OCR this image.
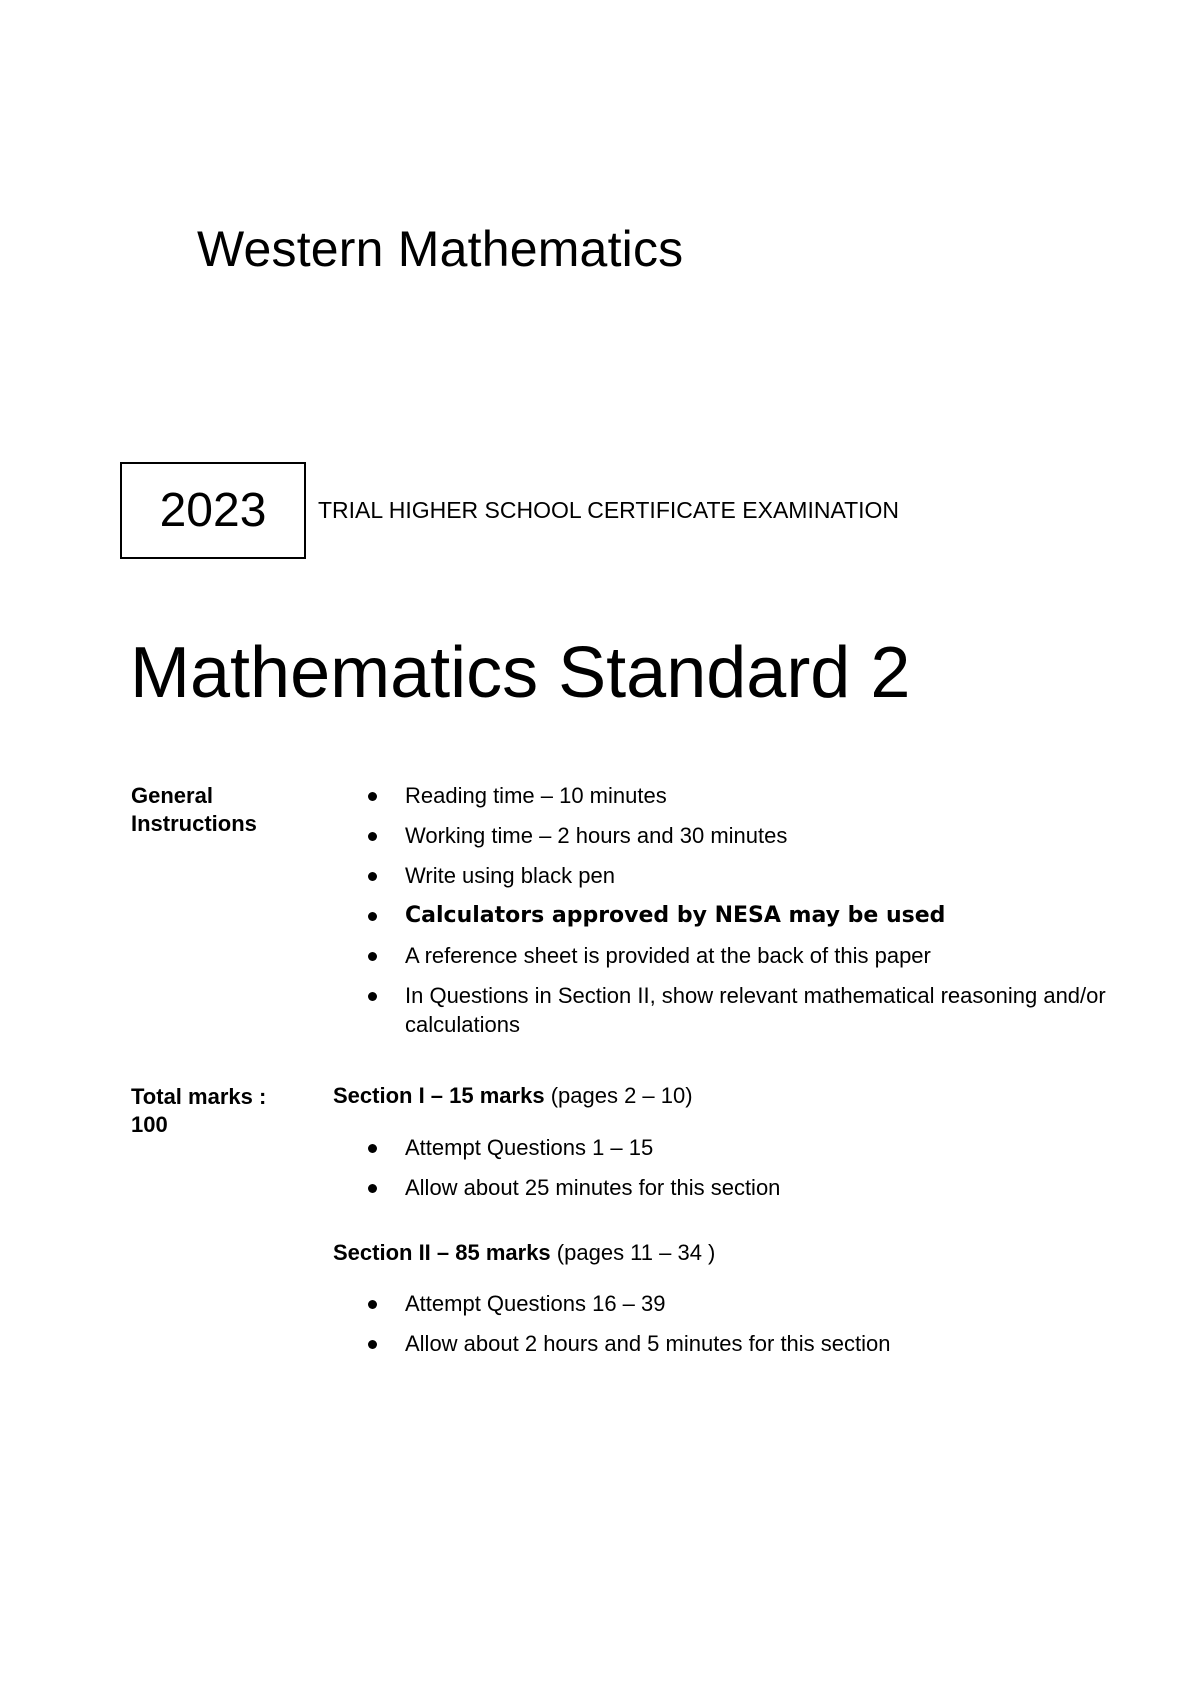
Western Mathematics
2023 TRIAL HIGHER SCHOOL CERTIFICATE EXAMINATION
Mathematics Standard 2
General Instructions
Reading time – 10 minutes
Working time – 2 hours and 30 minutes
Write using black pen
Calculators approved by NESA may be used
A reference sheet is provided at the back of this paper
In Questions in Section II, show relevant mathematical reasoning and/or calculations
Total marks : 100
Section I – 15 marks (pages 2 – 10)
Attempt Questions 1 – 15
Allow about 25 minutes for this section
Section II – 85 marks (pages 11 – 34 )
Attempt Questions 16 – 39
Allow about 2 hours and 5 minutes for this section
